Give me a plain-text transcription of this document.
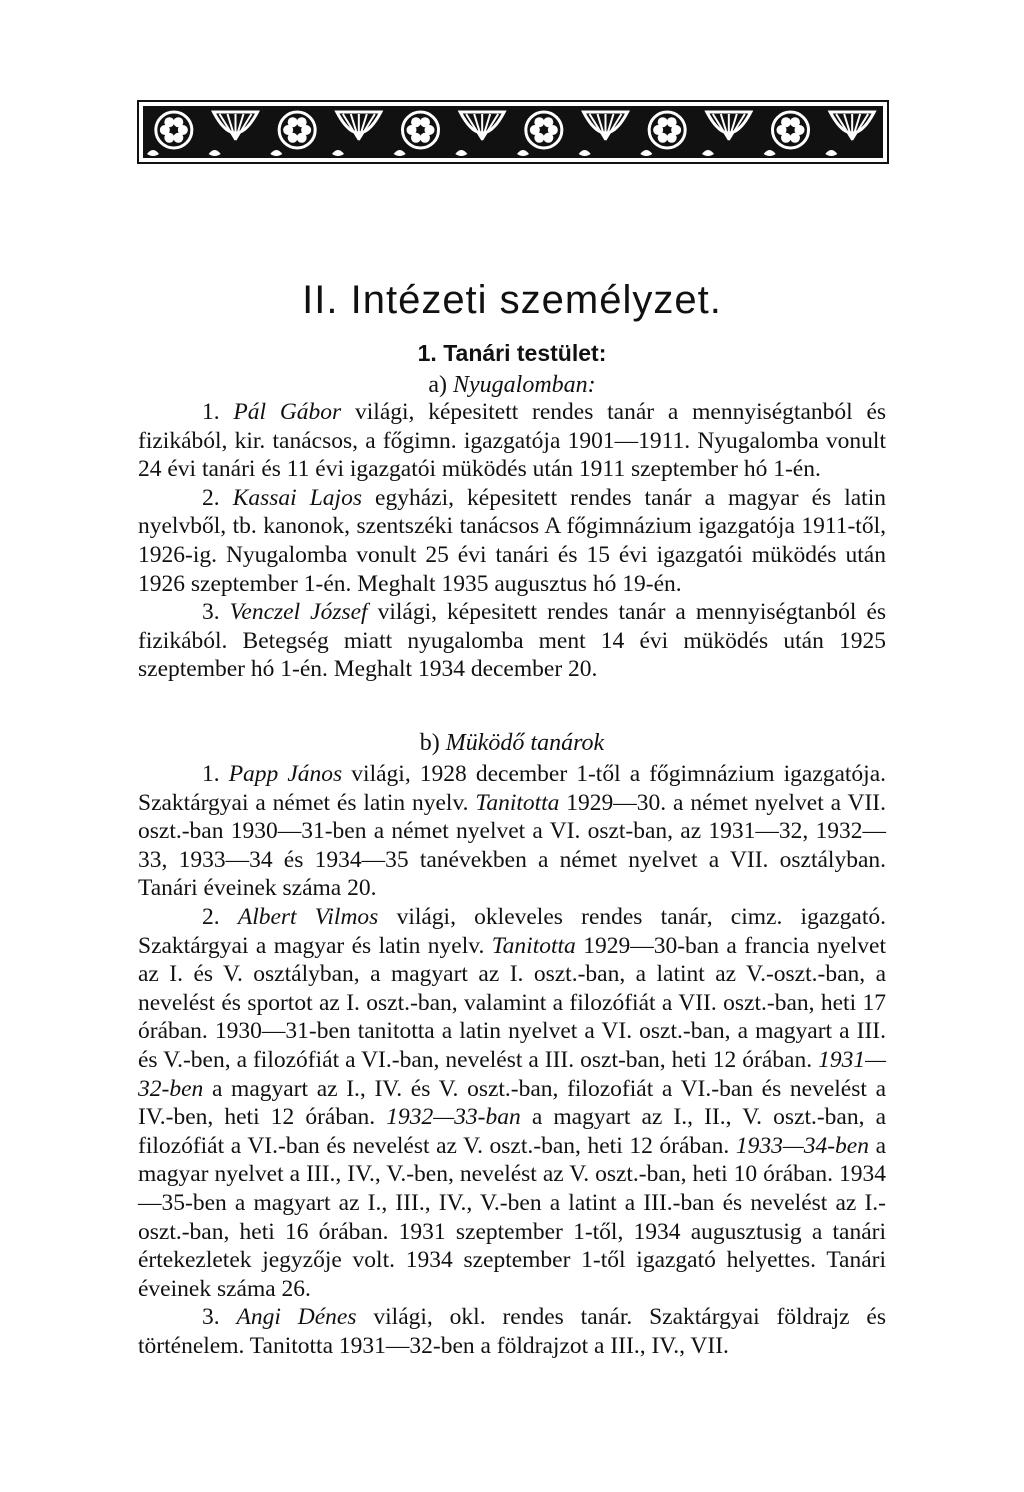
II. Intézeti személyzet.
1. Tanári testület:
a) Nyugalomban:

1. Pál Gábor világi, képesitett rendes tanár a mennyiségtanból és fizikából, kir. tanácsos, a főgimn. igazgatója 1901—1911. Nyugalomba vonult 24 évi tanári és 11 évi igazgatói müködés után 1911 szeptember hó 1-én.

2. Kassai Lajos egyházi, képesitett rendes tanár a magyar és latin nyelvből, tb. kanonok, szentszéki tanácsos A főgimnázium igazgatója 1911-től, 1926-ig. Nyugalomba vonult 25 évi tanári és 15 évi igazgatói müködés után 1926 szeptember 1-én. Meghalt 1935 augusztus hó 19-én.

3. Venczel József világi, képesitett rendes tanár a mennyiségtanból és fizikából. Betegség miatt nyugalomba ment 14 évi müködés után 1925 szeptember hó 1-én. Meghalt 1934 december 20.

b) Müködő tanárok

1. Papp János világi, 1928 december 1-től a főgimnázium igazgatója. Szaktárgyai a német és latin nyelv. Tanitotta 1929—30. a német nyelvet a VII. oszt.-ban 1930—31-ben a német nyelvet a VI. oszt-ban, az 1931—32, 1932—33, 1933—34 és 1934—35 tanévekben a német nyelvet a VII. osztályban. Tanári éveinek száma 20.

2. Albert Vilmos világi, okleveles rendes tanár, cimz. igazgató. Szaktárgyai a magyar és latin nyelv. Tanitotta 1929—30-ban a francia nyelvet az I. és V. osztályban, a magyart az I. oszt.-ban, a latint az V.-oszt.-ban, a nevelést és sportot az I. oszt.-ban, valamint a filozófiát a VII. oszt.-ban, heti 17 órában. 1930—31-ben tanitotta a latin nyelvet a VI. oszt.-ban, a magyart a III. és V.-ben, a filozófiát a VI.-ban, nevelést a III. oszt-ban, heti 12 órában. 1931—32-ben a magyart az I., IV. és V. oszt.-ban, filozofiát a VI.-ban és nevelést a IV.-ben, heti 12 órában. 1932—33-ban a magyart az I., II., V. oszt.-ban, a filozófiát a VI.-ban és nevelést az V. oszt.-ban, heti 12 órában. 1933—34-ben a magyar nyelvet a III., IV., V.-ben, nevelést az V. oszt.-ban, heti 10 órában. 1934—35-ben a magyart az I., III., IV., V.-ben a latint a III.-ban és nevelést az I.-oszt.-ban, heti 16 órában. 1931 szeptember 1-től, 1934 augusztusig a tanári értekezletek jegyzője volt. 1934 szeptember 1-től igazgató helyettes. Tanári éveinek száma 26.

3. Angi Dénes világi, okl. rendes tanár. Szaktárgyai földrajz és történelem. Tanitotta 1931—32-ben a földrajzot a III., IV., VII.
